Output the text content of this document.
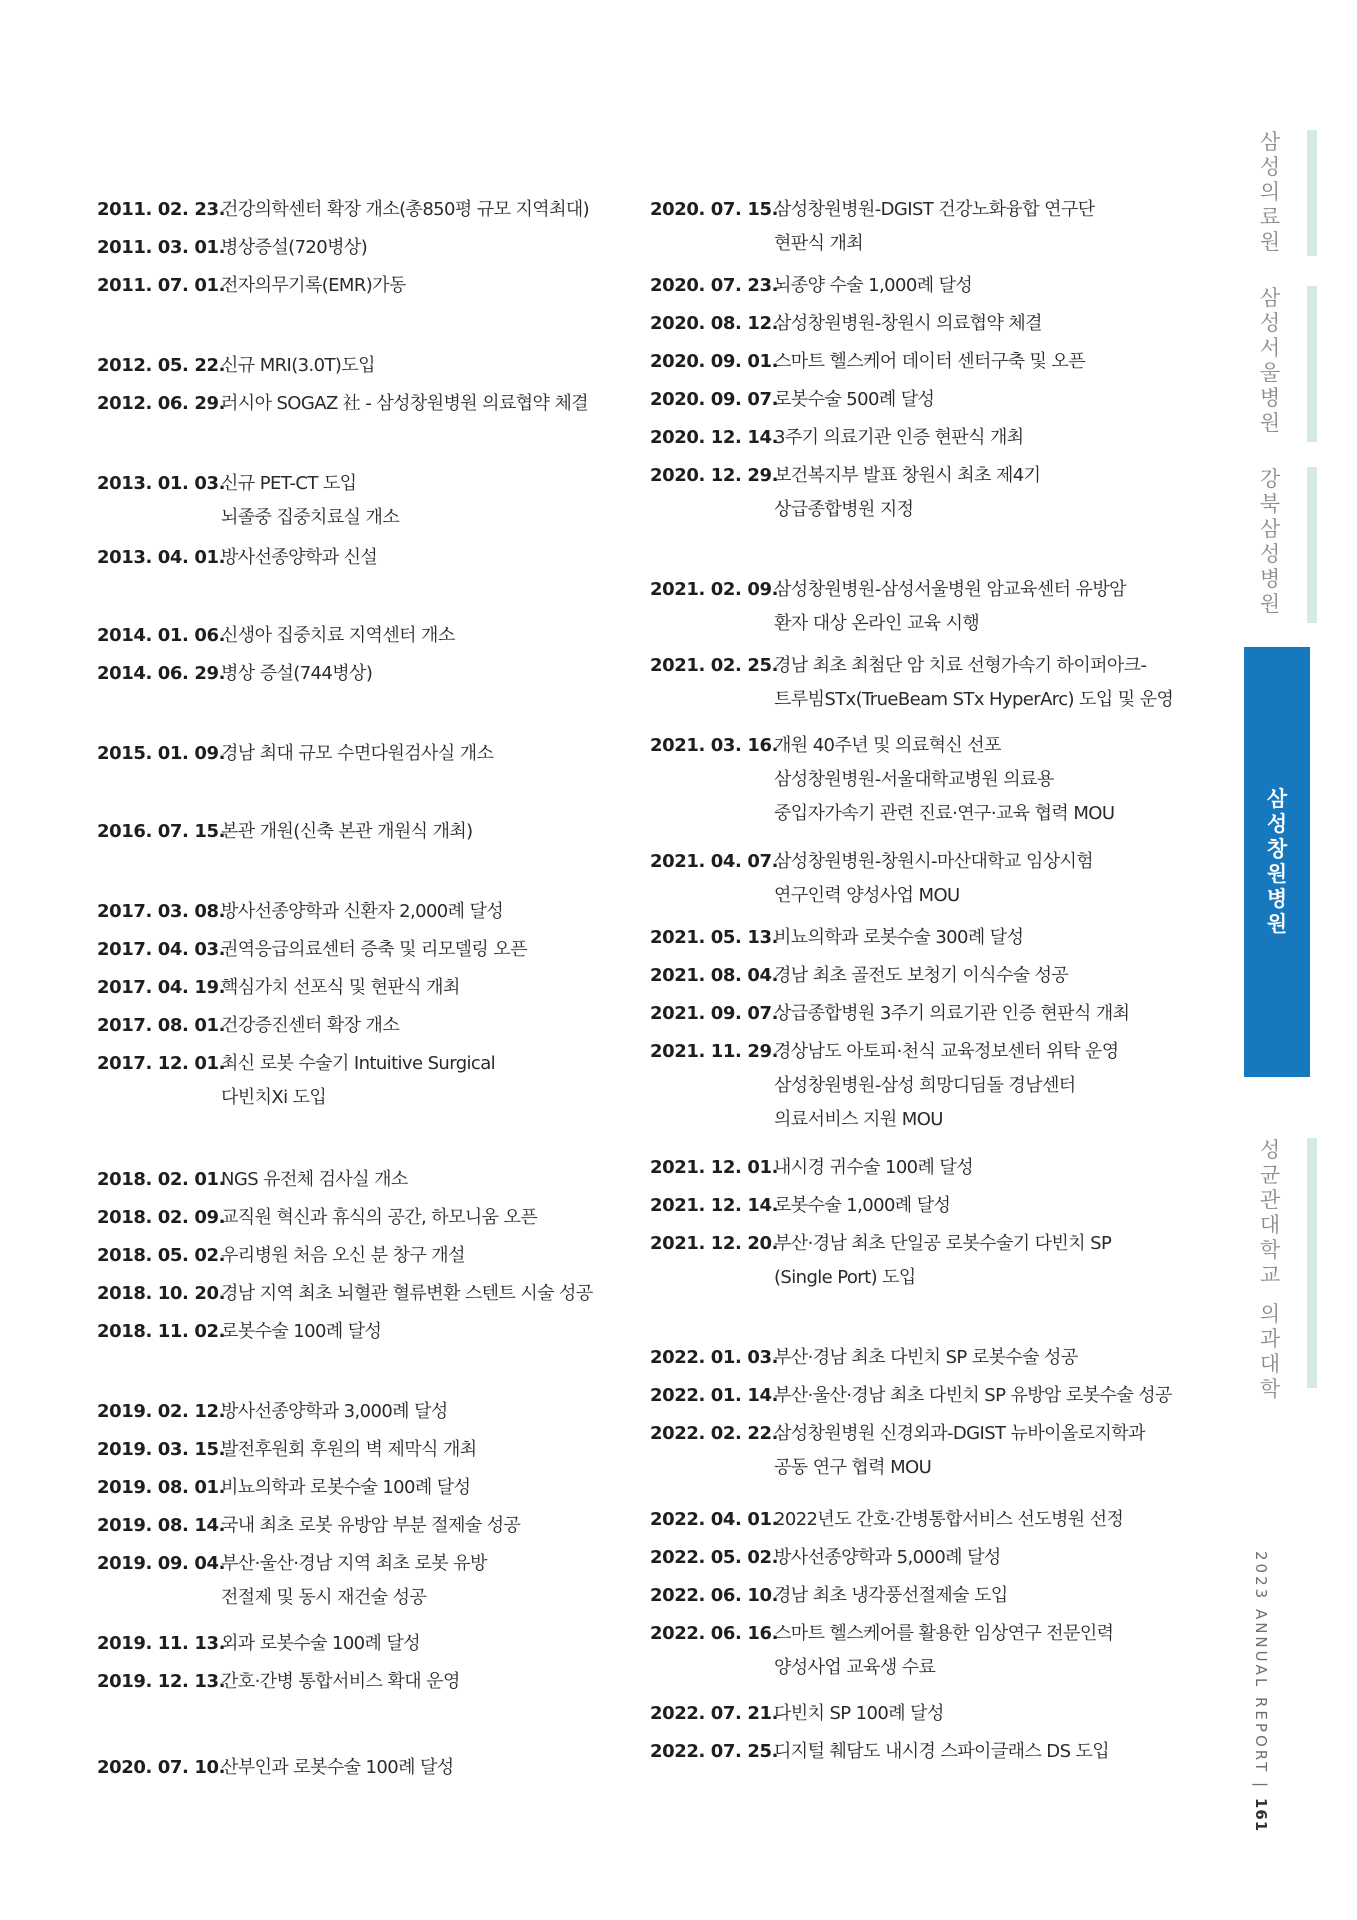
2011. 02. 23.
건강의학센터 확장 개소(총850평 규모 지역최대)
2011. 03. 01.
병상증설(720병상)
2011. 07. 01.
전자의무기록(EMR)가동
2012. 05. 22.
신규 MRI(3.0T)도입
2012. 06. 29.
러시아 SOGAZ 社 - 삼성창원병원 의료협약 체결
2013. 01. 03.
신규 PET-CT 도입
뇌졸중 집중치료실 개소
2013. 04. 01.
방사선종양학과 신설
2014. 01. 06.
신생아 집중치료 지역센터 개소
2014. 06. 29.
병상 증설(744병상)
2015. 01. 09.
경남 최대 규모 수면다원검사실 개소
2016. 07. 15.
본관 개원(신축 본관 개원식 개최)
2017. 03. 08.
방사선종양학과 신환자 2,000례 달성
2017. 04. 03.
권역응급의료센터 증축 및 리모델링 오픈
2017. 04. 19.
핵심가치 선포식 및 현판식 개최
2017. 08. 01.
건강증진센터 확장 개소
2017. 12. 01.
최신 로봇 수술기 Intuitive Surgical
다빈치Xi 도입
2018. 02. 01.
NGS 유전체 검사실 개소
2018. 02. 09.
교직원 혁신과 휴식의 공간, 하모니움 오픈
2018. 05. 02.
우리병원 처음 오신 분 창구 개설
2018. 10. 20.
경남 지역 최초 뇌혈관 혈류변환 스텐트 시술 성공
2018. 11. 02.
로봇수술 100례 달성
2019. 02. 12.
방사선종양학과 3,000례 달성
2019. 03. 15.
발전후원회 후원의 벽 제막식 개최
2019. 08. 01.
비뇨의학과 로봇수술 100례 달성
2019. 08. 14.
국내 최초 로봇 유방암 부분 절제술 성공
2019. 09. 04.
부산·울산·경남 지역 최초 로봇 유방
전절제 및 동시 재건술 성공
2019. 11. 13.
외과 로봇수술 100례 달성
2019. 12. 13.
간호·간병 통합서비스 확대 운영
2020. 07. 10.
산부인과 로봇수술 100례 달성
2020. 07. 15.
삼성창원병원-DGIST 건강노화융합 연구단
현판식 개최
2020. 07. 23.
뇌종양 수술 1,000례 달성
2020. 08. 12.
삼성창원병원-창원시 의료협약 체결
2020. 09. 01.
스마트 헬스케어 데이터 센터구축 및 오픈
2020. 09. 07.
로봇수술 500례 달성
2020. 12. 14.
3주기 의료기관 인증 현판식 개최
2020. 12. 29.
보건복지부 발표 창원시 최초 제4기
상급종합병원 지정
2021. 02. 09.
삼성창원병원-삼성서울병원 암교육센터 유방암
환자 대상 온라인 교육 시행
2021. 02. 25.
경남 최초 최첨단 암 치료 선형가속기 하이퍼아크-
트루빔STx(TrueBeam STx HyperArc) 도입 및 운영
2021. 03. 16.
개원 40주년 및 의료혁신 선포
삼성창원병원-서울대학교병원 의료용
중입자가속기 관련 진료·연구·교육 협력 MOU
2021. 04. 07.
삼성창원병원-창원시-마산대학교 임상시험
연구인력 양성사업 MOU
2021. 05. 13.
비뇨의학과 로봇수술 300례 달성
2021. 08. 04.
경남 최초 골전도 보청기 이식수술 성공
2021. 09. 07.
상급종합병원 3주기 의료기관 인증 현판식 개최
2021. 11. 29.
경상남도 아토피·천식 교육정보센터 위탁 운영
삼성창원병원-삼성 희망디딤돌 경남센터
의료서비스 지원 MOU
2021. 12. 01.
내시경 귀수술 100례 달성
2021. 12. 14.
로봇수술 1,000례 달성
2021. 12. 20.
부산·경남 최초 단일공 로봇수술기 다빈치 SP
(Single Port) 도입
2022. 01. 03.
부산·경남 최초 다빈치 SP 로봇수술 성공
2022. 01. 14.
부산·울산·경남 최초 다빈치 SP 유방암 로봇수술 성공
2022. 02. 22.
삼성창원병원 신경외과-DGIST 뉴바이올로지학과
공동 연구 협력 MOU
2022. 04. 01.
2022년도 간호·간병통합서비스 선도병원 선정
2022. 05. 02.
방사선종양학과 5,000례 달성
2022. 06. 10.
경남 최초 냉각풍선절제술 도입
2022. 06. 16.
스마트 헬스케어를 활용한 임상연구 전문인력
양성사업 교육생 수료
2022. 07. 21.
다빈치 SP 100례 달성
2022. 07. 25.
디지털 췌담도 내시경 스파이글래스 DS 도입
삼
성
의
료
원
삼
성
서
울
병
원
강
북
삼
성
병
원
삼
성
창
원
병
원
성
균
관
대
학
교

의
과
대
학
2023 ANNUAL REPORT | 161
